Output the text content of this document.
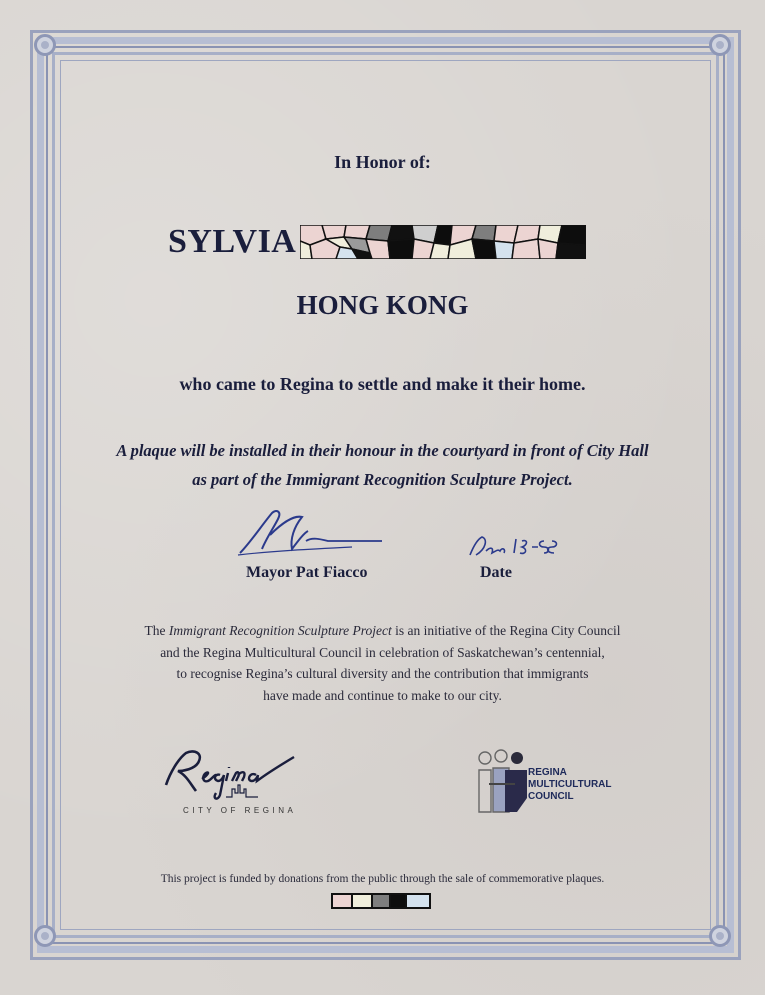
In Honor of:
SYLVIA
HONG KONG
who came to Regina to settle and make it their home.
A plaque will be installed in their honour in the courtyard in front of City Hall
as part of the Immigrant Recognition Sculpture Project.
Mayor Pat Fiacco	Date
The Immigrant Recognition Sculpture Project is an initiative of the Regina City Council
and the Regina Multicultural Council in celebration of Saskatchewan’s centennial,
to recognise Regina’s cultural diversity and the contribution that immigrants
have made and continue to make to our city.
CITY OF REGINA
REGINA
MULTICULTURAL
COUNCIL
This project is funded by donations from the public through the sale of commemorative plaques.
